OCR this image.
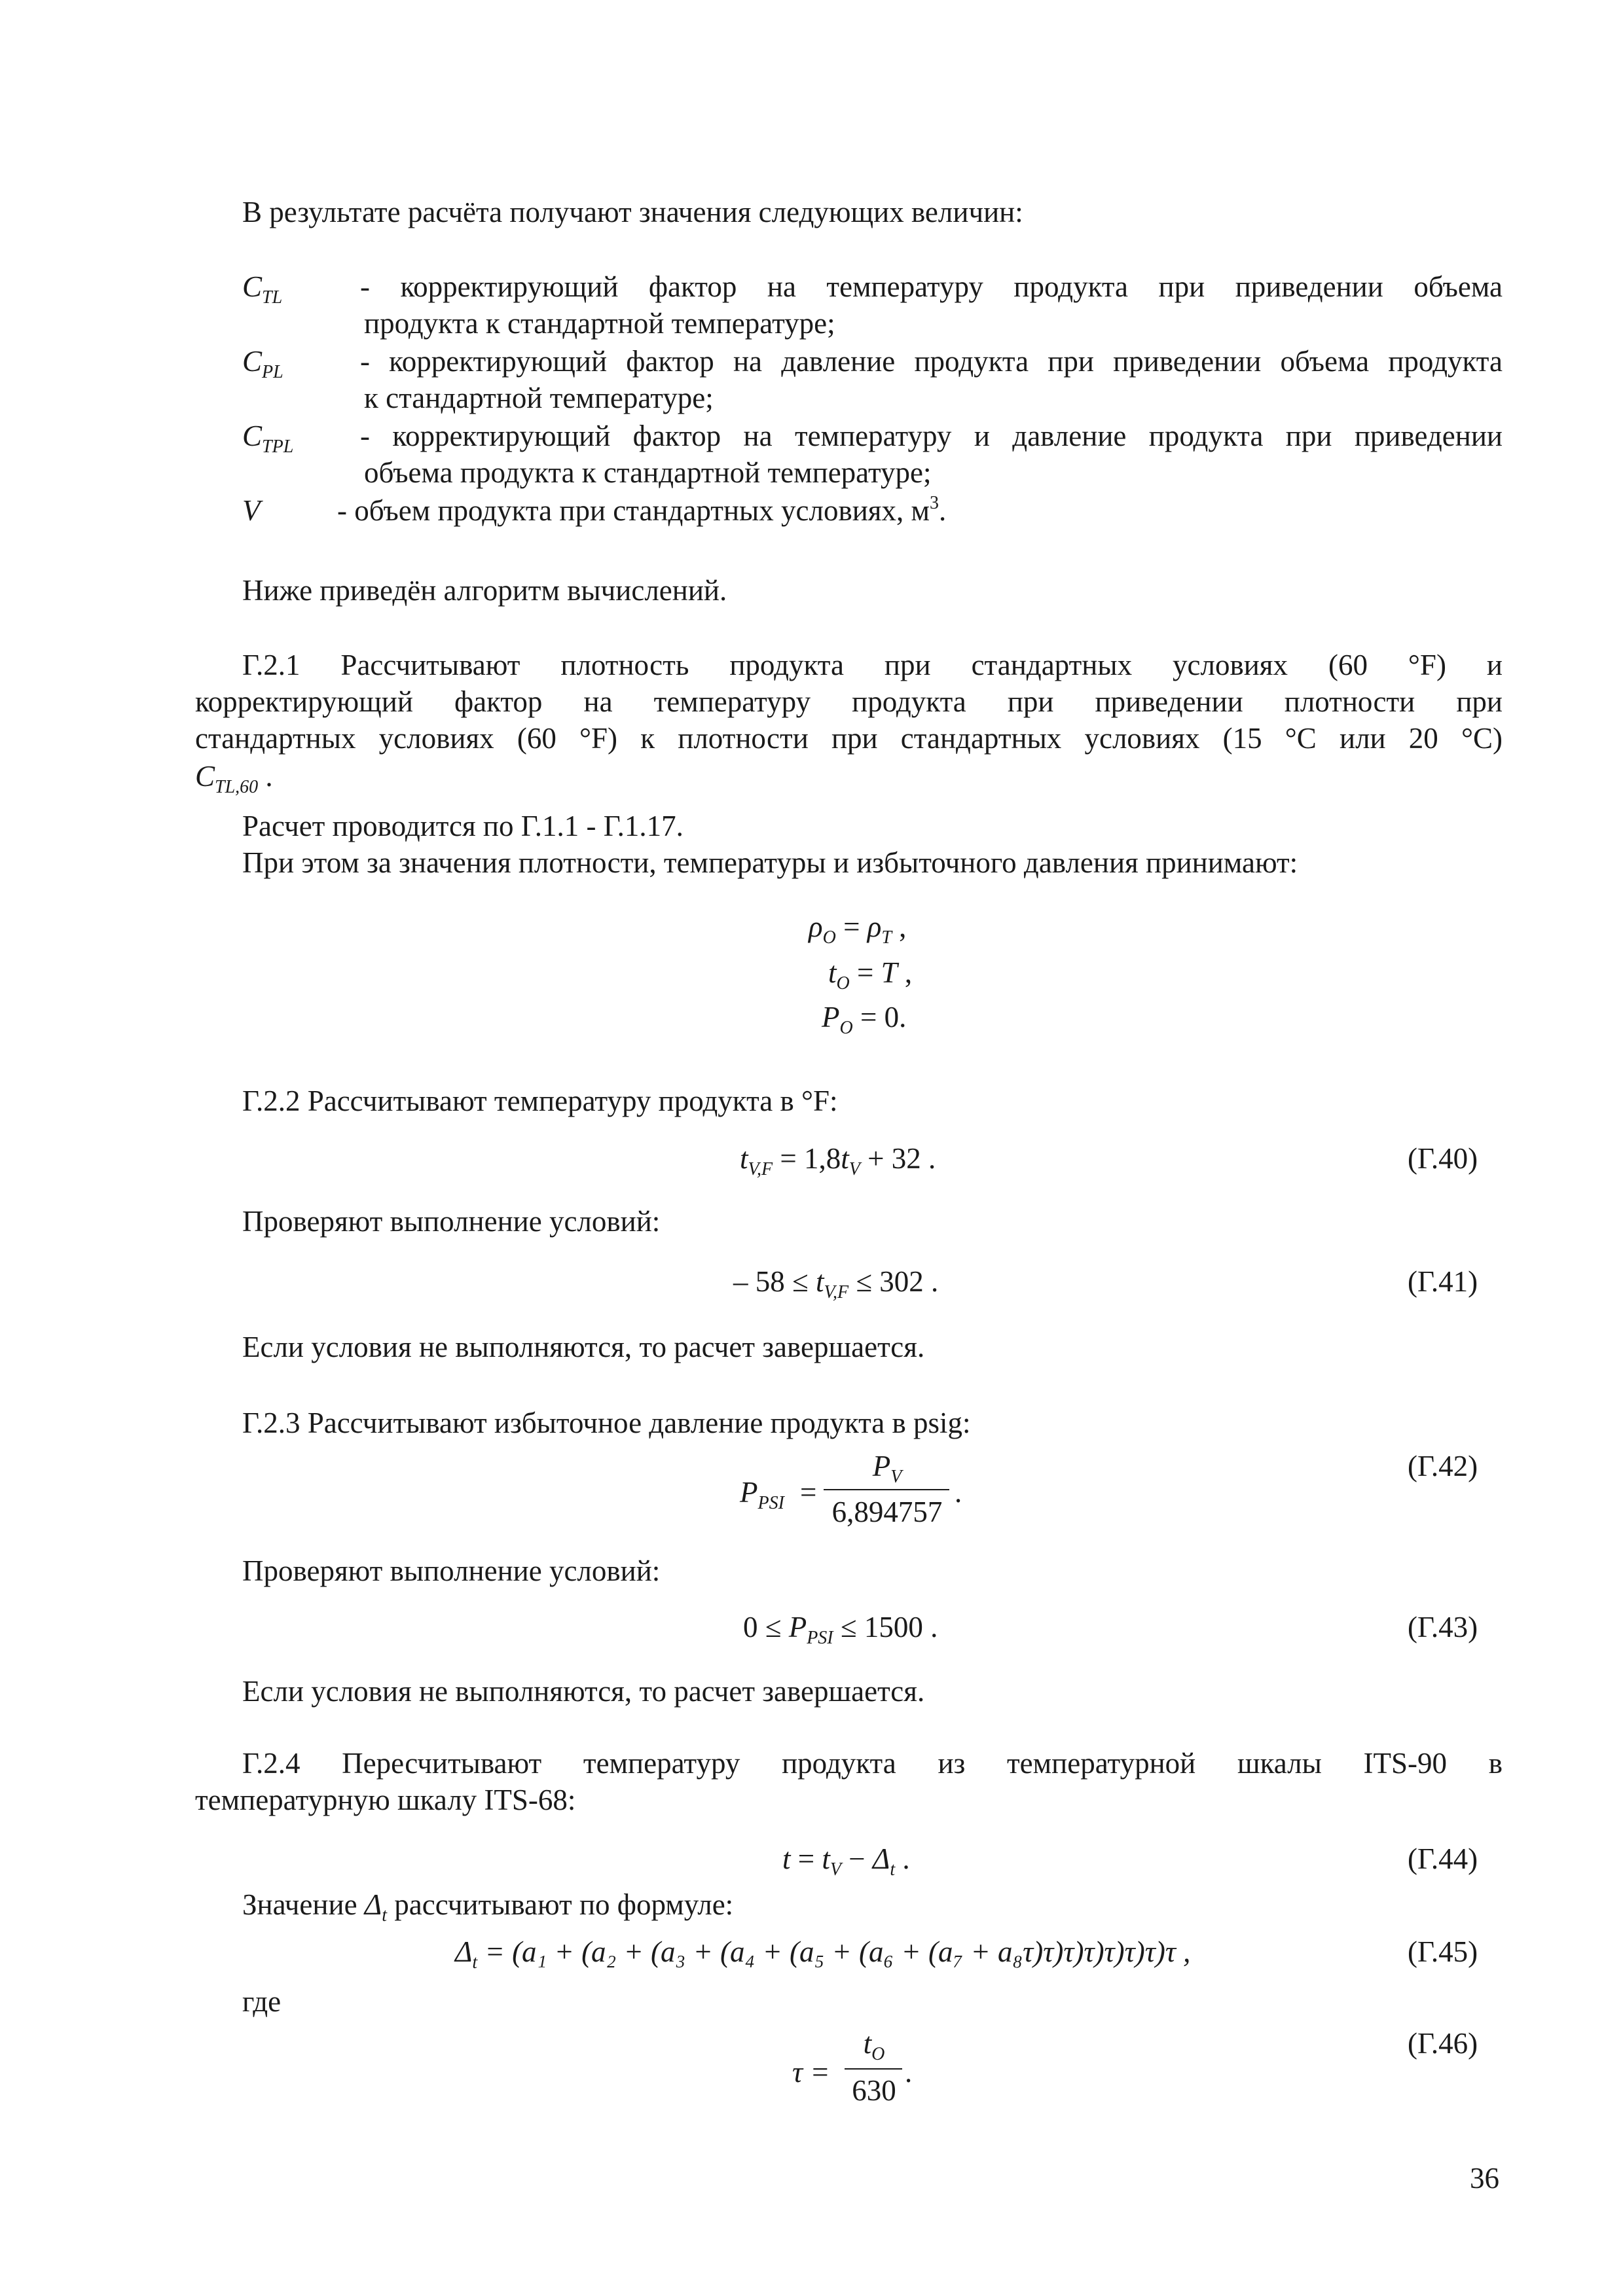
В результате расчёта получают значения следующих величин:
$C_{TL}$	- корректирующий фактор на температуру продукта при приведении объема
продукта к стандартной температуре;
$C_{PL}$	- корректирующий фактор на давление продукта при приведении объема продукта
к стандартной температуре;
$C_{TPL}$ - корректирующий фактор на температуру и давление продукта при приведении
объема продукта к стандартной температуре;
V	- объем продукта при стандартных условиях, $м^3$.
Ниже приведён алгоритм вычислений.
Г.2.1 Рассчитывают плотность продукта при стандартных условиях (60 °F) и
корректирующий фактор на температуру продукта при приведении плотности при
стандартных условиях (60 °F) к плотности при стандартных условиях (15 °С или 20 °С)
$C_{TL,60}$ .
Расчет проводится по Г.1.1 - Г.1.17.
При этом за значения плотности, температуры и избыточного давления принимают:
$\rho_O = \rho_T$ ,
$t_O = T$ ,
$P_O = 0$.
Г.2.2 Рассчитывают температуру продукта в °F:
$t_{V,F} = 1,8t_V + 32$ .	(Г.40)
Проверяют выполнение условий:
– $58 \le t_{V,F} \le 302$ .	(Г.41)
Если условия не выполняются, то расчет завершается.
Г.2.3 Рассчитывают избыточное давление продукта в psig:
$P_{PSI}$ =
$P_V$
6,894757
.
(Г.42)
Проверяют выполнение условий:
$0 \le P_{PSI} \le 1500$ .	(Г.43)
Если условия не выполняются, то расчет завершается.
Г.2.4 Пересчитывают температуру продукта из температурной шкалы ITS-90 в
температурную шкалу ITS-68:
$t = t_V - \Delta_t$ .	(Г.44)
Значение $\Delta_t$ рассчитывают по формуле:
$\Delta_t = (a_1 + (a_2 + (a_3 + (a_4 + (a_5 + (a_6 + (a_7 + a_8\tau)\tau)\tau)\tau)\tau)\tau)\tau)\tau$ ,	(Г.45)
где
τ =
$t_O$
630
.
(Г.46)
36
